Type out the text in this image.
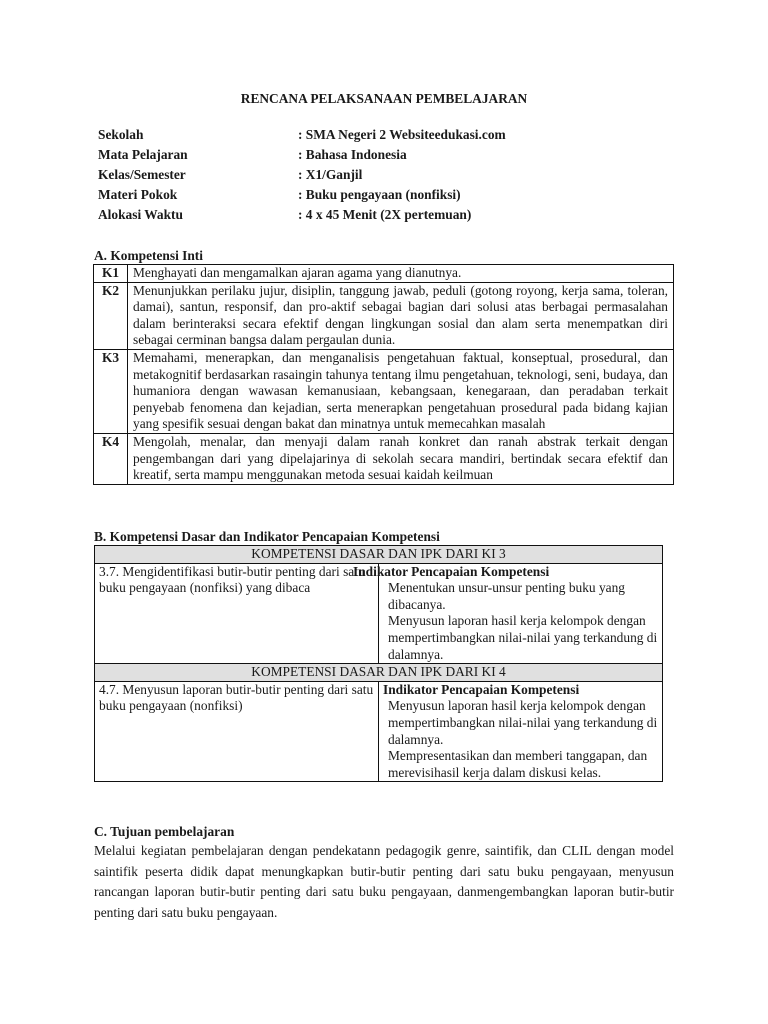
RENCANA PELAKSANAAN PEMBELAJARAN
Sekolah	: SMA Negeri 2 Websiteedukasi.com
Mata Pelajaran	: Bahasa Indonesia
Kelas/Semester	: X1/Ganjil
Materi Pokok	: Buku pengayaan (nonfiksi)
Alokasi Waktu	: 4 x 45 Menit (2X pertemuan)
A. Kompetensi Inti
K1	Menghayati dan mengamalkan ajaran agama yang dianutnya.
K2	Menunjukkan perilaku jujur, disiplin, tanggung jawab, peduli (gotong royong, kerja sama, toleran, damai), santun, responsif, dan pro-aktif sebagai bagian dari solusi atas berbagai permasalahan dalam berinteraksi secara efektif dengan lingkungan sosial dan alam serta menempatkan diri sebagai cerminan bangsa dalam pergaulan dunia.
K3	Memahami, menerapkan, dan menganalisis pengetahuan faktual, konseptual, prosedural, dan metakognitif berdasarkan rasaingin tahunya tentang ilmu pengetahuan, teknologi, seni, budaya, dan humaniora dengan wawasan kemanusiaan, kebangsaan, kenegaraan, dan peradaban terkait penyebab fenomena dan kejadian, serta menerapkan pengetahuan prosedural pada bidang kajian yang spesifik sesuai dengan bakat dan minatnya untuk memecahkan masalah
K4	Mengolah, menalar, dan menyaji dalam ranah konkret dan ranah abstrak terkait dengan pengembangan dari yang dipelajarinya di sekolah secara mandiri, bertindak secara efektif dan kreatif, serta mampu menggunakan metoda sesuai kaidah keilmuan
B. Kompetensi Dasar dan Indikator Pencapaian Kompetensi
KOMPETENSI DASAR DAN IPK DARI KI 3	
3.7. Mengidentifikasi butir-butir penting dari satu buku pengayaan (nonfiksi) yang dibaca	Indikator Pencapaian Kompetensi
Menentukan unsur-unsur penting buku yang dibacanya.
Menyusun laporan hasil kerja kelompok dengan mempertimbangkan nilai-nilai yang terkandung di dalamnya.

KOMPETENSI DASAR DAN IPK DARI KI 4	
4.7. Menyusun laporan butir-butir penting dari satu buku pengayaan (nonfiksi)	Indikator Pencapaian Kompetensi
Menyusun laporan hasil kerja kelompok dengan mempertimbangkan nilai-nilai yang terkandung di dalamnya.
Mempresentasikan dan memberi tanggapan, dan merevisihasil kerja dalam diskusi kelas.
C. Tujuan pembelajaran

Melalui kegiatan pembelajaran dengan pendekatann pedagogik genre, saintifik, dan CLIL dengan model saintifik peserta didik dapat menungkapkan butir-butir penting dari satu buku pengayaan, menyusun rancangan laporan butir-butir penting dari satu buku pengayaan, danmengembangkan laporan butir-butir penting dari satu buku pengayaan.
